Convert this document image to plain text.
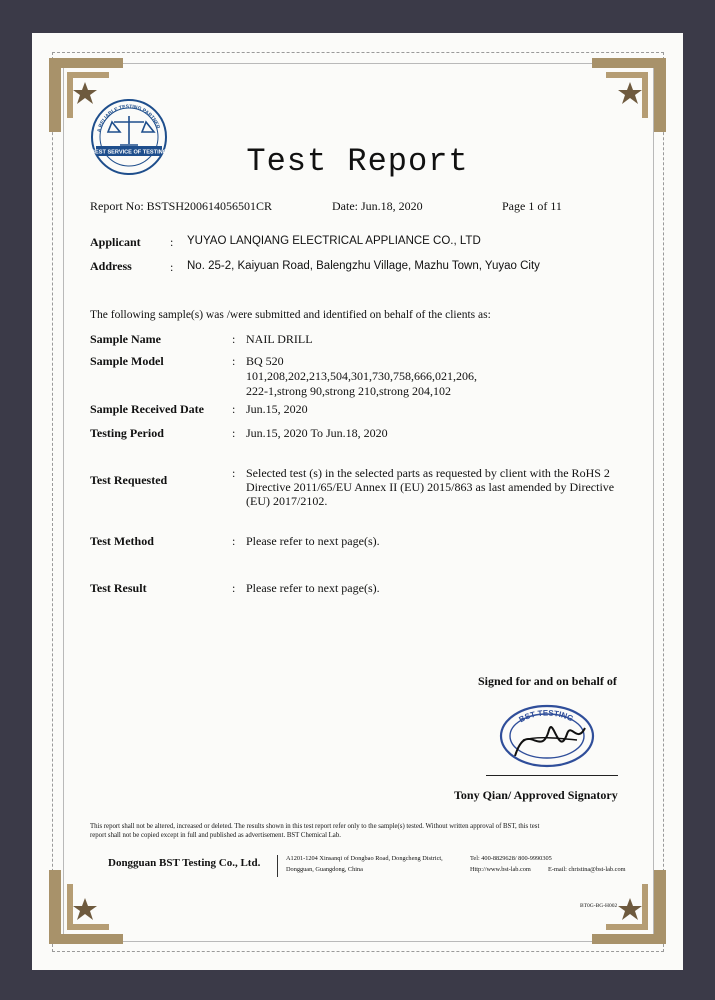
A RELIABLE TESTING PARTNER
BEST SERVICE OF TESTING	Test Report
Report No: BSTSH200614056501CR	Date: Jun.18, 2020	Page 1 of 11
Applicant : YUYAO LANQIANG ELECTRICAL APPLIANCE CO., LTD
Address	: No. 25-2, Kaiyuan Road, Balengzhu Village, Mazhu Town, Yuyao City
The following sample(s) was /were submitted and identified on behalf of the clients as:
Sample Name	: NAIL DRILL
Sample Model	: BQ 520
101,208,202,213,504,301,730,758,666,021,206,
222-1,strong 90,strong 210,strong 204,102
Sample Received Date : Jun.15, 2020
Testing Period	: Jun.15, 2020 To Jun.18, 2020
Test Requested	: Selected test (s) in the selected parts as requested by client with the RoHS 2 Directive 2011/65/EU Annex II (EU) 2015/863 as last amended by Directive (EU) 2017/2102.
Test Method	: Please refer to next page(s).
Test Result	: Please refer to next page(s).
Signed for and on behalf of
BST TESTING
Tony Qian/ Approved Signatory
This report shall not be altered, increased or deleted. The results shown in this test report refer only to the sample(s) tested. Without written approval of BST, this test
report shall not be copied except in full and published as advertisement. BST Chemical Lab.
Dongguan BST Testing Co., Ltd.	A1201-1204 Xinsanqi of Dongbao Road, Dongcheng District,
Dongguan, Guangdong, China
Tel: 400-8829628/ 800-9990305
Http://www.bst-lab.com	E-mail: christina@bst-lab.com
BT0G-BG-H002
